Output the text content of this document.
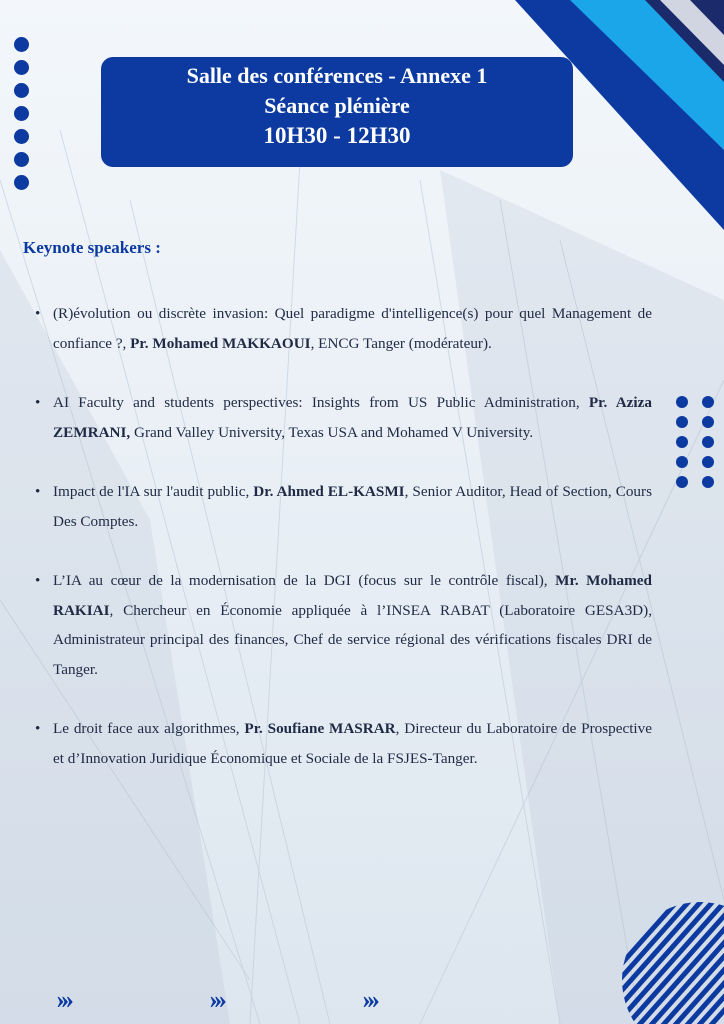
Salle des conférences - Annexe 1
Séance plénière
10H30 - 12H30
Keynote speakers :
• (R)évolution ou discrète invasion: Quel paradigme d'intelligence(s) pour quel Management de confiance ?, Pr. Mohamed MAKKAOUI, ENCG Tanger (modérateur).
• AI Faculty and students perspectives: Insights from US Public Administration, Pr. Aziza ZEMRANI, Grand Valley University, Texas USA and Mohamed V University.
• Impact de l'IA sur l'audit public, Dr. Ahmed EL-KASMI, Senior Auditor, Head of Section, Cours Des Comptes.
• L’IA au cœur de la modernisation de la DGI (focus sur le contrôle fiscal), Mr. Mohamed RAKIAI, Chercheur en Économie appliquée à l’INSEA RABAT (Laboratoire GESA3D), Administrateur principal des finances, Chef de service régional des vérifications fiscales DRI de Tanger.
• Le droit face aux algorithmes, Pr. Soufiane MASRAR, Directeur du Laboratoire de Prospective et d’Innovation Juridique Économique et Sociale de la FSJES-Tanger.
›››	›››	›››
